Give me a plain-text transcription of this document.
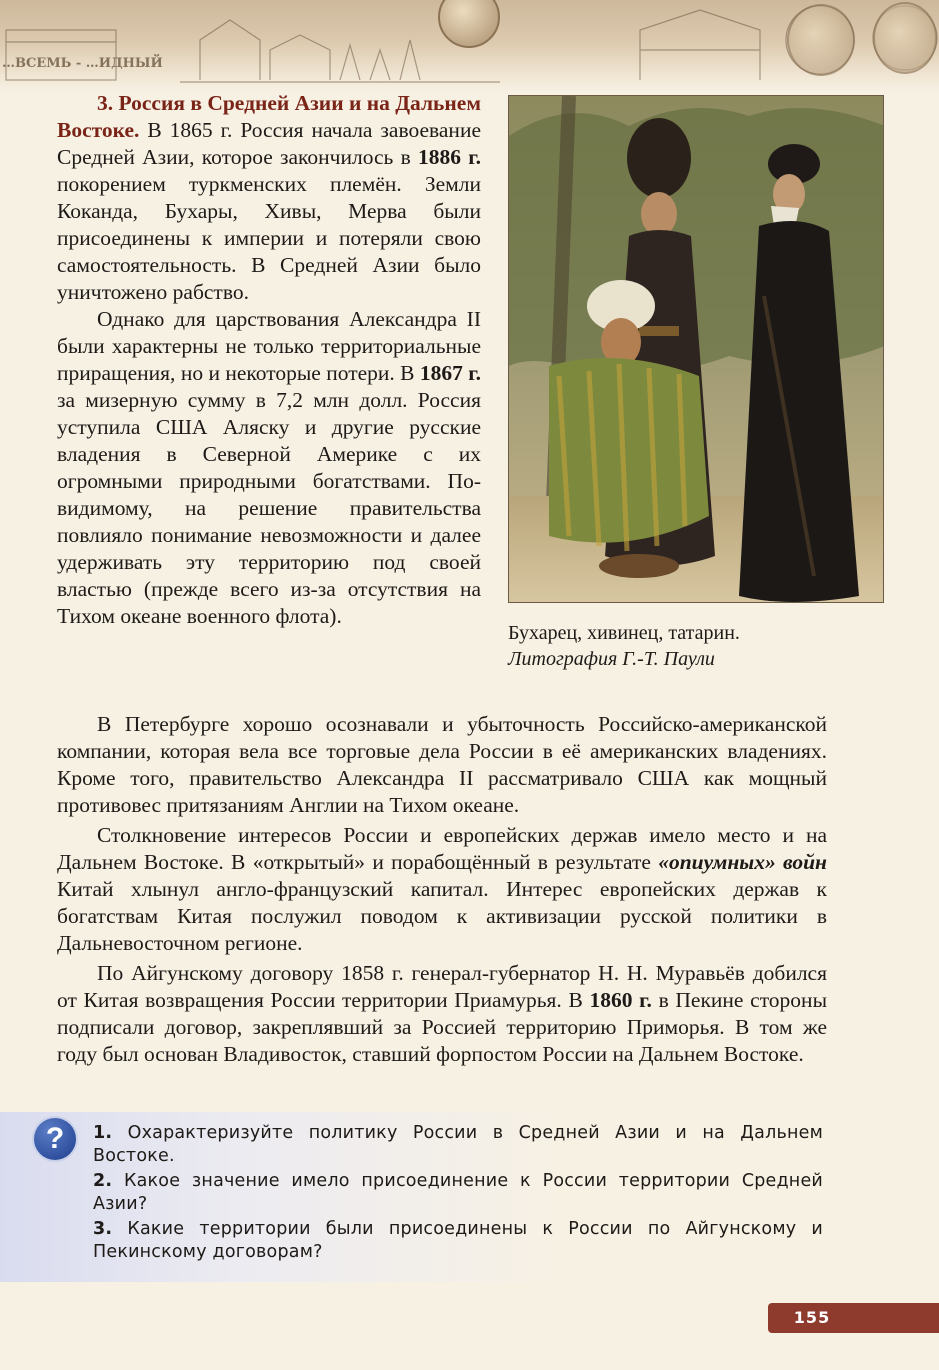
…ВСЕМЬ - …ИДНЫЙ

3. Россия в Средней Азии и на Дальнем Востоке. В 1865 г. Россия начала завоевание Средней Азии, которое закончилось в 1886 г. покорением туркменских племён. Земли Коканда, Бухары, Хивы, Мерва были присоединены к империи и потеряли свою самостоятельность. В Средней Азии было уничтожено рабство.

Однако для царствования Александра II были характерны не только территориальные приращения, но и некоторые потери. В 1867 г. за мизерную сумму в 7,2 млн долл. Россия уступила США Аляску и другие русские владения в Северной Америке с их огромными природными богатствами. По-видимому, на решение правительства повлияло понимание невозможности и далее удерживать эту территорию под своей властью (прежде всего из-за отсутствия на Тихом океане военного флота).

Бухарец, хивинец, татарин.
Литография Г.-Т. Паули

В Петербурге хорошо осознавали и убыточность Российско-американской компании, которая вела все торговые дела России в её американских владениях. Кроме того, правительство Александра II рассматривало США как мощный противовес притязаниям Англии на Тихом океане.

Столкновение интересов России и европейских держав имело место и на Дальнем Востоке. В «открытый» и порабощённый в результате «опиумных» войн Китай хлынул англо-французский капитал. Интерес европейских держав к богатствам Китая послужил поводом к активизации русской политики в Дальневосточном регионе.

По Айгунскому договору 1858 г. генерал-губернатор Н. Н. Муравьёв добился от Китая возвращения России территории Приамурья. В 1860 г. в Пекине стороны подписали договор, закреплявший за Россией территорию Приморья. В том же году был основан Владивосток, ставший форпостом России на Дальнем Востоке.

?	1. Охарактеризуйте политику России в Средней Азии и на Дальнем Востоке.
2. Какое значение имело присоединение к России территории Средней Азии?
3. Какие территории были присоединены к России по Айгунскому и Пекинскому договорам?
155
